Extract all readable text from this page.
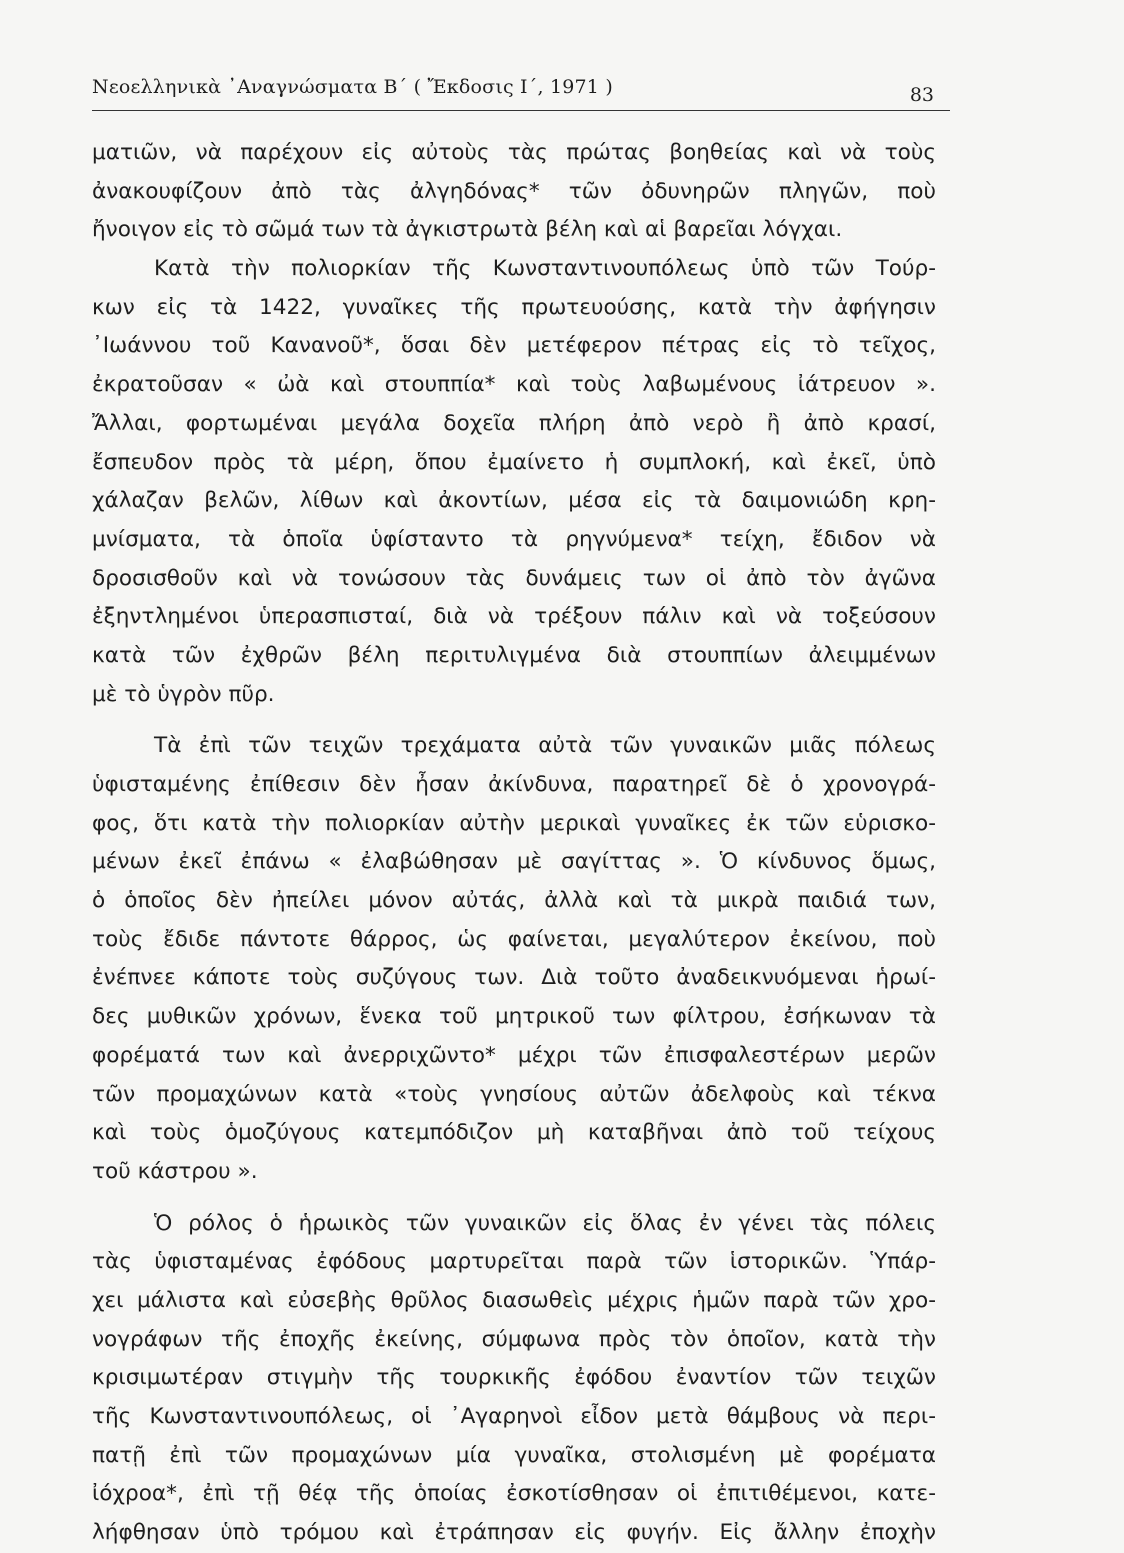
Νεοελληνικὰ ᾿Αναγνώσματα Β΄ ( Ἔκδοσις Ι΄, 1971 )	83
ματιῶν, νὰ παρέχουν εἰς αὐτοὺς τὰς πρώτας βοηθείας καὶ νὰ τοὺς
ἀνακουφίζουν ἀπὸ τὰς ἀλγηδόνας* τῶν ὀδυνηρῶν πληγῶν, ποὺ
ἤνοιγον εἰς τὸ σῶμά των τὰ ἀγκιστρωτὰ βέλη καὶ αἱ βαρεῖαι λόγχαι.
Κατὰ τὴν πολιορκίαν τῆς Κωνσταντινουπόλεως ὑπὸ τῶν Τούρ-
κων εἰς τὰ 1422, γυναῖκες τῆς πρωτευούσης, κατὰ τὴν ἀφήγησιν
᾿Ιωάννου τοῦ Κανανοῦ*, ὅσαι δὲν μετέφερον πέτρας εἰς τὸ τεῖχος,
ἐκρατοῦσαν « ὠὰ καὶ στουππία* καὶ τοὺς λαβωμένους ἰάτρευον ».
Ἄλλαι, φορτωμέναι μεγάλα δοχεῖα πλήρη ἀπὸ νερὸ ἢ ἀπὸ κρασί,
ἔσπευδον πρὸς τὰ μέρη, ὅπου ἐμαίνετο ἡ συμπλοκή, καὶ ἐκεῖ, ὑπὸ
χάλαζαν βελῶν, λίθων καὶ ἀκοντίων, μέσα εἰς τὰ δαιμονιώδη κρη-
μνίσματα, τὰ ὁποῖα ὑφίσταντο τὰ ρηγνύμενα* τείχη, ἔδιδον νὰ
δροσισθοῦν καὶ νὰ τονώσουν τὰς δυνάμεις των οἱ ἀπὸ τὸν ἀγῶνα
ἐξηντλημένοι ὑπερασπισταί, διὰ νὰ τρέξουν πάλιν καὶ νὰ τοξεύσουν
κατὰ τῶν ἐχθρῶν βέλη περιτυλιγμένα διὰ στουππίων ἀλειμμένων
μὲ τὸ ὑγρὸν πῦρ.
Τὰ ἐπὶ τῶν τειχῶν τρεχάματα αὐτὰ τῶν γυναικῶν μιᾶς πόλεως
ὑφισταμένης ἐπίθεσιν δὲν ἦσαν ἀκίνδυνα, παρατηρεῖ δὲ ὁ χρονογρά-
φος, ὅτι κατὰ τὴν πολιορκίαν αὐτὴν μερικαὶ γυναῖκες ἐκ τῶν εὑρισκο-
μένων ἐκεῖ ἐπάνω « ἐλαβώθησαν μὲ σαγίττας ». Ὁ κίνδυνος ὅμως,
ὁ ὁποῖος δὲν ἠπείλει μόνον αὐτάς, ἀλλὰ καὶ τὰ μικρὰ παιδιά των,
τοὺς ἔδιδε πάντοτε θάρρος, ὡς φαίνεται, μεγαλύτερον ἐκείνου, ποὺ
ἐνέπνεε κάποτε τοὺς συζύγους των. Διὰ τοῦτο ἀναδεικνυόμεναι ἡρωί-
δες μυθικῶν χρόνων, ἕνεκα τοῦ μητρικοῦ των φίλτρου, ἐσήκωναν τὰ
φορέματά των καὶ ἀνερριχῶντο* μέχρι τῶν ἐπισφαλεστέρων μερῶν
τῶν προμαχώνων κατὰ «τοὺς γνησίους αὐτῶν ἀδελφοὺς καὶ τέκνα
καὶ τοὺς ὁμοζύγους κατεμπόδιζον μὴ καταβῆναι ἀπὸ τοῦ τείχους
τοῦ κάστρου ».
Ὁ ρόλος ὁ ἡρωικὸς τῶν γυναικῶν εἰς ὅλας ἐν γένει τὰς πόλεις
τὰς ὑφισταμένας ἐφόδους μαρτυρεῖται παρὰ τῶν ἱστορικῶν. Ὑπάρ-
χει μάλιστα καὶ εὐσεβὴς θρῦλος διασωθεὶς μέχρις ἡμῶν παρὰ τῶν χρο-
νογράφων τῆς ἐποχῆς ἐκείνης, σύμφωνα πρὸς τὸν ὁποῖον, κατὰ τὴν
κρισιμωτέραν στιγμὴν τῆς τουρκικῆς ἐφόδου ἐναντίον τῶν τειχῶν
τῆς Κωνσταντινουπόλεως, οἱ ᾿Αγαρηνοὶ εἶδον μετὰ θάμβους νὰ περι-
πατῇ ἐπὶ τῶν προμαχώνων μία γυναῖκα, στολισμένη μὲ φορέματα
ἰόχροα*, ἐπὶ τῇ θέᾳ τῆς ὁποίας ἐσκοτίσθησαν οἱ ἐπιτιθέμενοι, κατε-
λήφθησαν ὑπὸ τρόμου καὶ ἐτράπησαν εἰς φυγήν. Εἰς ἄλλην ἐποχὴν
